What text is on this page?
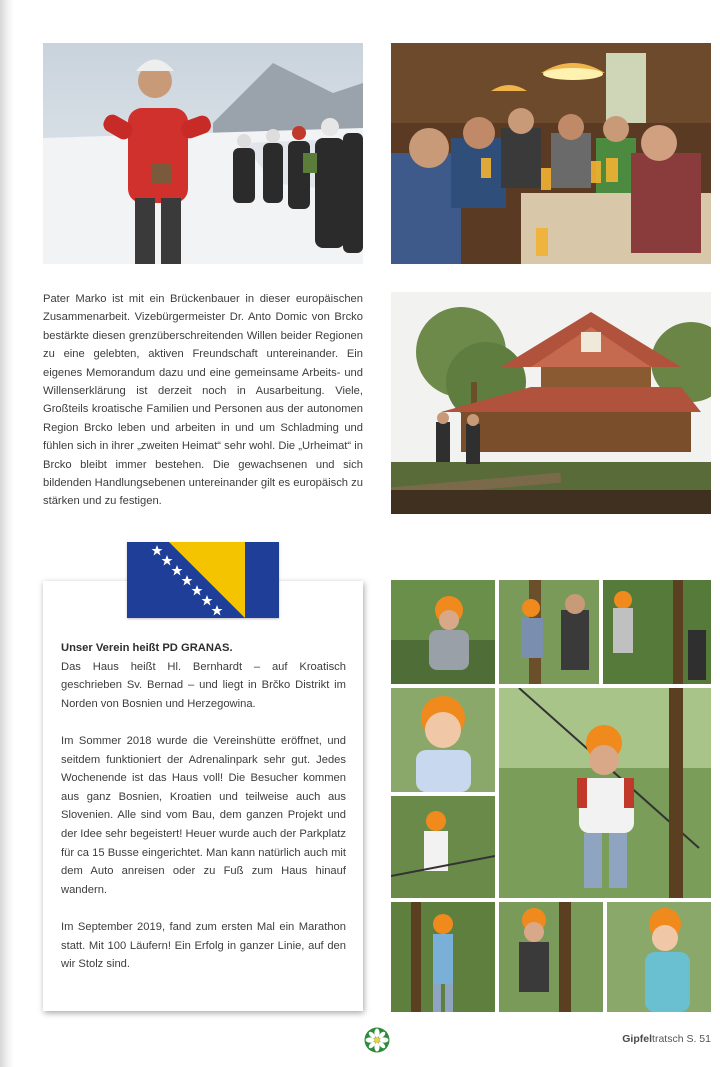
Pater Marko ist mit ein Brückenbauer in dieser europäischen Zusammenarbeit. Vizebürgermeister Dr. Anto Domic von Brcko bestärkte diesen grenzüberschreitenden Willen beider Regionen zu eine gelebten, aktiven Freundschaft untereinander. Ein eigenes Memorandum dazu und eine gemeinsame Arbeits- und Willenserklärung ist derzeit noch in Ausarbeitung. Viele, Großteils kroatische Familien und Personen aus der autonomen Region Brcko leben und arbeiten in und um Schladming und fühlen sich in ihrer „zweiten Heimat“ sehr wohl. Die „Urheimat“ in Brcko bleibt immer bestehen. Die gewachsenen und sich bildenden Handlungsebenen untereinander gilt es europäisch zu stärken und zu festigen.

Unser Verein heißt PD GRANAS.
Das Haus heißt Hl. Bernhardt – auf Kroatisch geschrieben Sv. Bernad – und liegt in Brčko Distrikt im Norden von Bosnien und Herzegowina.

Im Sommer 2018 wurde die Vereinshütte eröffnet, und seitdem funktioniert der Adrenalinpark sehr gut. Jedes Wochenende ist das Haus voll! Die Besucher kommen aus ganz Bosnien, Kroatien und teilweise auch aus Slovenien. Alle sind vom Bau, dem ganzen Projekt und der Idee sehr begeistert! Heuer wurde auch der Parkplatz für ca 15 Busse eingerichtet. Man kann natürlich auch mit dem Auto anreisen oder zu Fuß zum Haus hinauf wandern.

Im September 2019, fand zum ersten Mal ein Marathon statt. Mit 100 Läufern! Ein Erfolg in ganzer Linie, auf den wir Stolz sind.

Gipfeltratsch S. 51
